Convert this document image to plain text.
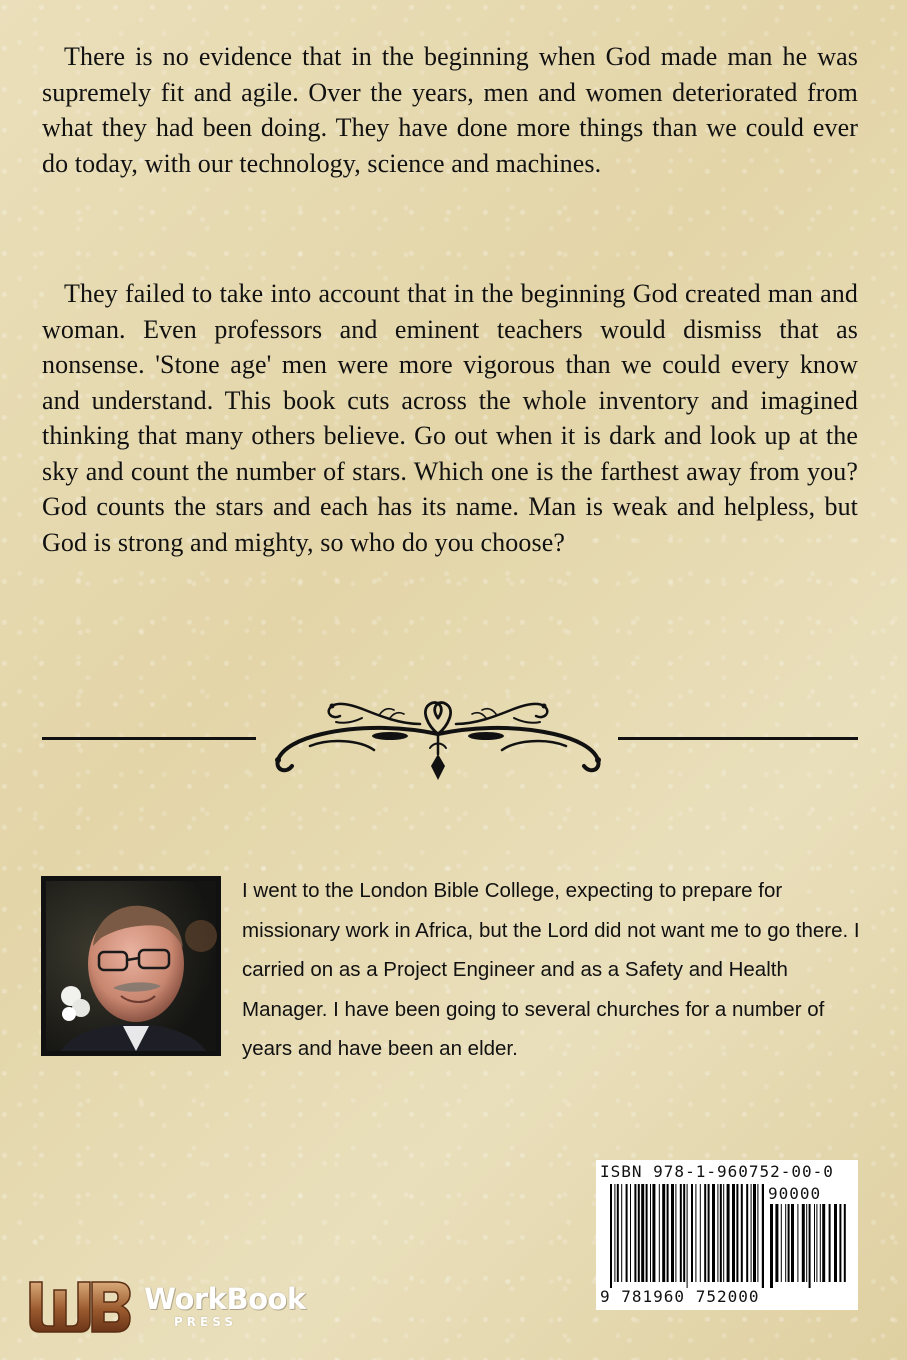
There is no evidence that in the beginning when God made man he was supremely fit and agile. Over the years, men and women deteriorated from what they had been doing. They have done more things than we could ever do today, with our technology, science and machines.

They failed to take into account that in the beginning God created man and woman. Even professors and eminent teachers would dismiss that as nonsense. 'Stone age' men were more vigorous than we could every know and understand. This book cuts across the whole inventory and imagined thinking that many others believe. Go out when it is dark and look up at the sky and count the number of stars. Which one is the farthest away from you? God counts the stars and each has its name. Man is weak and helpless, but God is strong and mighty, so who do you choose?

I went to the London Bible College, expecting to prepare for missionary work in Africa, but the Lord did not want me to go there. I carried on as a Project Engineer and as a Safety and Health Manager. I have been going to several churches for a number of years and have been an elder.

ISBN 978-1-960752-00-0
90000
9 781960 752000
WorkBook
PRESS
